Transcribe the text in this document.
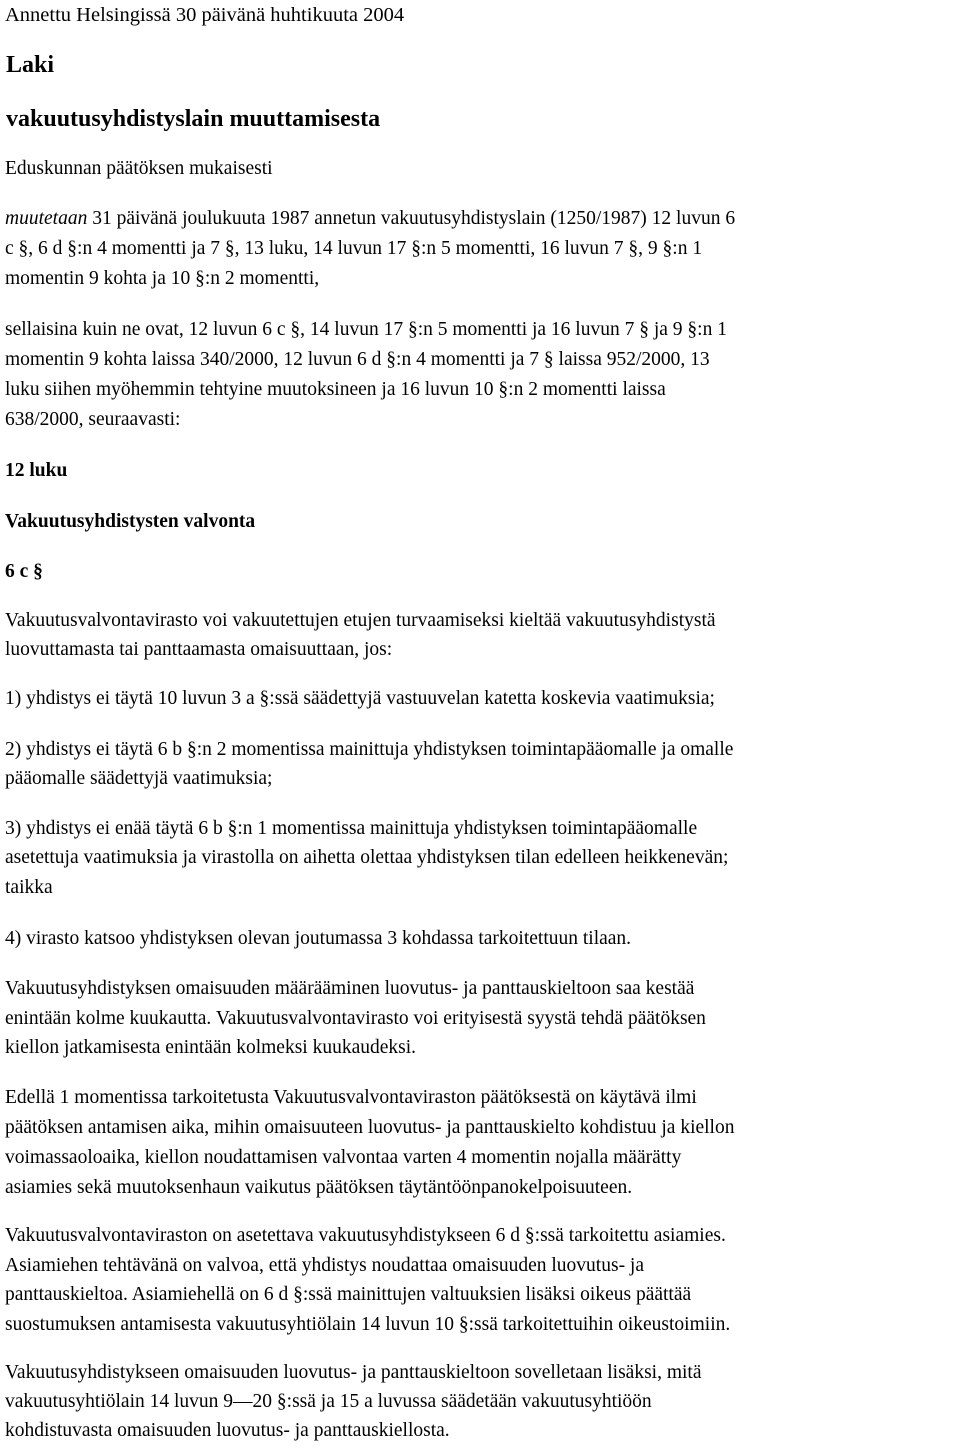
Annettu Helsingissä 30 päivänä huhtikuuta 2004

Laki

vakuutusyhdistyslain muuttamisesta

Eduskunnan päätöksen mukaisesti

muutetaan 31 päivänä joulukuuta 1987 annetun vakuutusyhdistyslain (1250/1987) 12 luvun 6

c §, 6 d §:n 4 momentti ja 7 §, 13 luku, 14 luvun 17 §:n 5 momentti, 16 luvun 7 §, 9 §:n 1

momentin 9 kohta ja 10 §:n 2 momentti,

sellaisina kuin ne ovat, 12 luvun 6 c §, 14 luvun 17 §:n 5 momentti ja 16 luvun 7 § ja 9 §:n 1

momentin 9 kohta laissa 340/2000, 12 luvun 6 d §:n 4 momentti ja 7 § laissa 952/2000, 13

luku siihen myöhemmin tehtyine muutoksineen ja 16 luvun 10 §:n 2 momentti laissa

638/2000, seuraavasti:

12 luku

Vakuutusyhdistysten valvonta

6 c §

Vakuutusvalvontavirasto voi vakuutettujen etujen turvaamiseksi kieltää vakuutusyhdistystä

luovuttamasta tai panttaamasta omaisuuttaan, jos:

1) yhdistys ei täytä 10 luvun 3 a §:ssä säädettyjä vastuuvelan katetta koskevia vaatimuksia;

2) yhdistys ei täytä 6 b §:n 2 momentissa mainittuja yhdistyksen toimintapääomalle ja omalle

pääomalle säädettyjä vaatimuksia;

3) yhdistys ei enää täytä 6 b §:n 1 momentissa mainittuja yhdistyksen toimintapääomalle

asetettuja vaatimuksia ja virastolla on aihetta olettaa yhdistyksen tilan edelleen heikkenevän;

taikka

4) virasto katsoo yhdistyksen olevan joutumassa 3 kohdassa tarkoitettuun tilaan.

Vakuutusyhdistyksen omaisuuden määrääminen luovutus- ja panttauskieltoon saa kestää

enintään kolme kuukautta. Vakuutusvalvontavirasto voi erityisestä syystä tehdä päätöksen

kiellon jatkamisesta enintään kolmeksi kuukaudeksi.

Edellä 1 momentissa tarkoitetusta Vakuutusvalvontaviraston päätöksestä on käytävä ilmi

päätöksen antamisen aika, mihin omaisuuteen luovutus- ja panttauskielto kohdistuu ja kiellon

voimassaoloaika, kiellon noudattamisen valvontaa varten 4 momentin nojalla määrätty

asiamies sekä muutoksenhaun vaikutus päätöksen täytäntöönpanokelpoisuuteen.

Vakuutusvalvontaviraston on asetettava vakuutusyhdistykseen 6 d §:ssä tarkoitettu asiamies.

Asiamiehen tehtävänä on valvoa, että yhdistys noudattaa omaisuuden luovutus- ja

panttauskieltoa. Asiamiehellä on 6 d §:ssä mainittujen valtuuksien lisäksi oikeus päättää

suostumuksen antamisesta vakuutusyhtiölain 14 luvun 10 §:ssä tarkoitettuihin oikeustoimiin.

Vakuutusyhdistykseen omaisuuden luovutus- ja panttauskieltoon sovelletaan lisäksi, mitä

vakuutusyhtiölain 14 luvun 9—20 §:ssä ja 15 a luvussa säädetään vakuutusyhtiöön

kohdistuvasta omaisuuden luovutus- ja panttauskiellosta.
